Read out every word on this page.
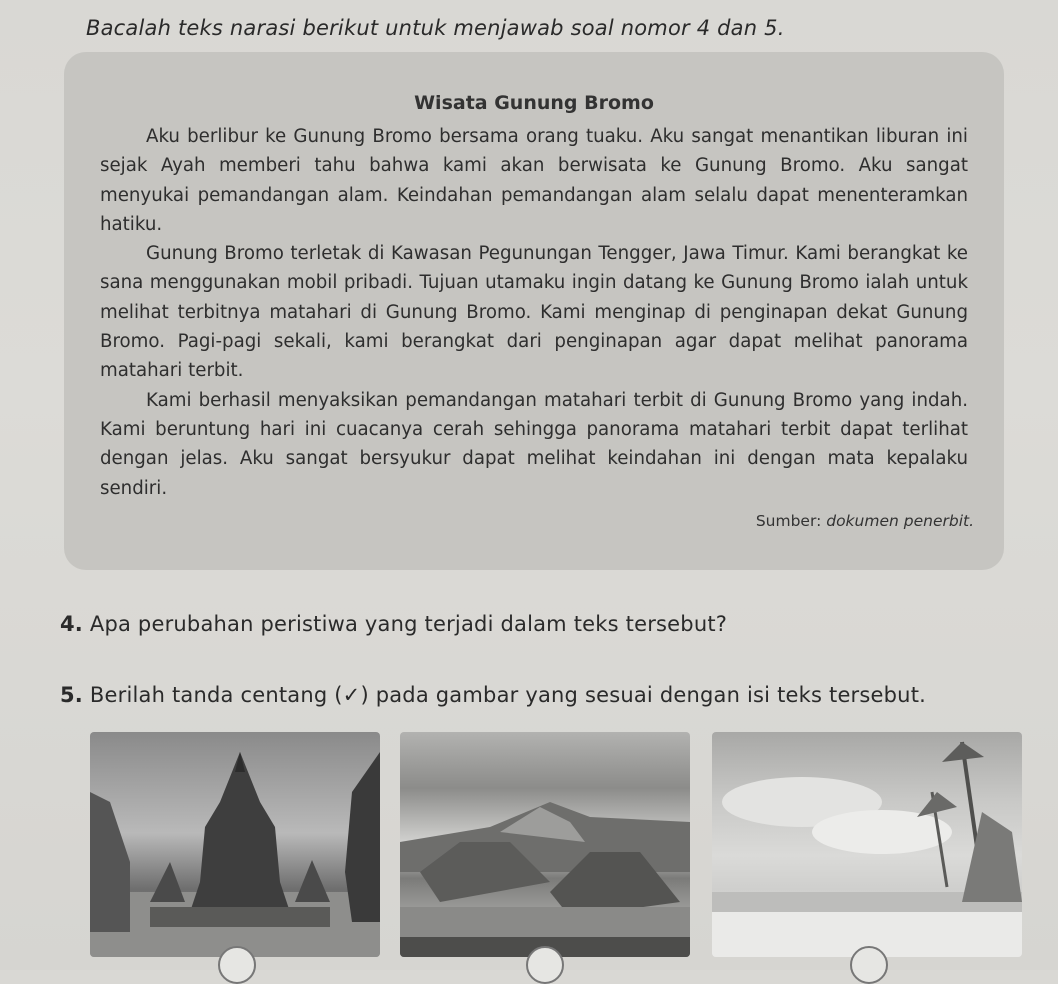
Bacalah teks narasi berikut untuk menjawab soal nomor 4 dan 5.
Wisata Gunung Bromo

Aku berlibur ke Gunung Bromo bersama orang tuaku. Aku sangat menantikan liburan ini sejak Ayah memberi tahu bahwa kami akan berwisata ke Gunung Bromo. Aku sangat menyukai pemandangan alam. Keindahan pemandangan alam selalu dapat menenteramkan hatiku.

Gunung Bromo terletak di Kawasan Pegunungan Tengger, Jawa Timur. Kami berangkat ke sana menggunakan mobil pribadi. Tujuan utamaku ingin datang ke Gunung Bromo ialah untuk melihat terbitnya matahari di Gunung Bromo. Kami menginap di penginapan dekat Gunung Bromo. Pagi-pagi sekali, kami berangkat dari penginapan agar dapat melihat panorama matahari terbit.

Kami berhasil menyaksikan pemandangan matahari terbit di Gunung Bromo yang indah. Kami beruntung hari ini cuacanya cerah sehingga panorama matahari terbit dapat terlihat dengan jelas. Aku sangat bersyukur dapat melihat keindahan ini dengan mata kepalaku sendiri.

Sumber: dokumen penerbit.
4. Apa perubahan peristiwa yang terjadi dalam teks tersebut?
5. Berilah tanda centang (✓) pada gambar yang sesuai dengan isi teks tersebut.
